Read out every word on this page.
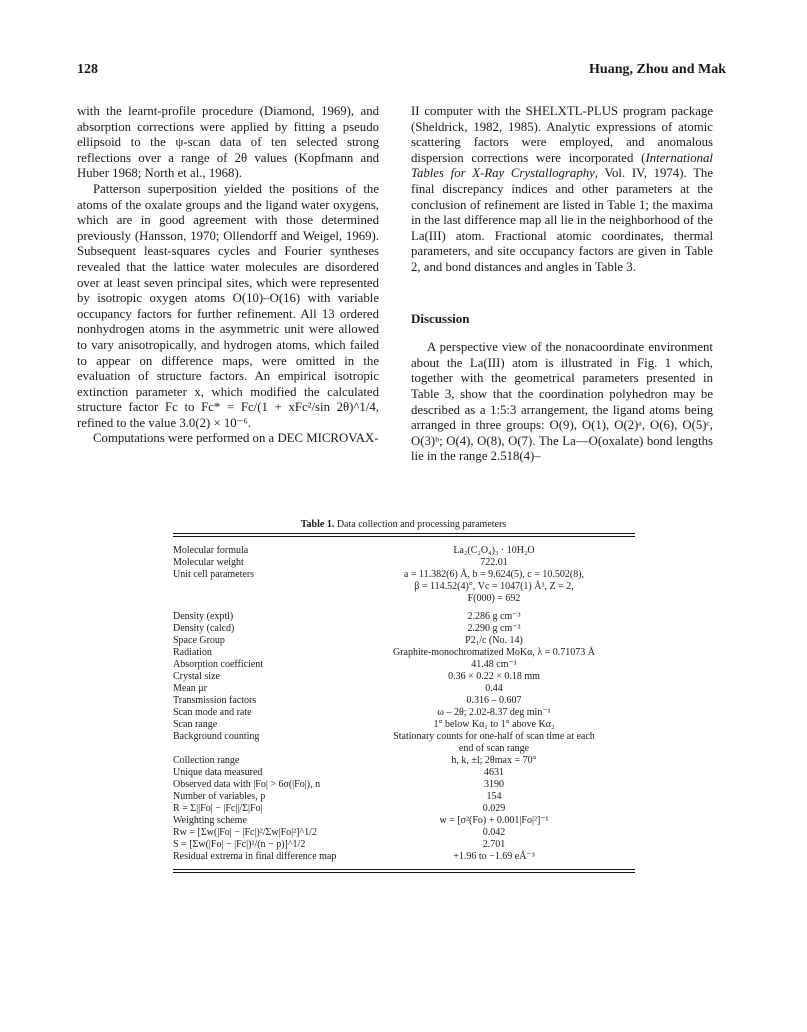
128	Huang, Zhou and Mak

with the learnt-profile procedure (Diamond, 1969), and absorption corrections were applied by fitting a pseudo ellipsoid to the ψ-scan data of ten selected strong reflections over a range of 2θ values (Kopfmann and Huber 1968; North et al., 1968).

Patterson superposition yielded the positions of the atoms of the oxalate groups and the ligand water oxygens, which are in good agreement with those determined previously (Hansson, 1970; Ollendorff and Weigel, 1969). Subsequent least-squares cycles and Fourier syntheses revealed that the lattice water molecules are disordered over at least seven principal sites, which were represented by isotropic oxygen atoms O(10)–O(16) with variable occupancy factors for further refinement. All 13 ordered nonhydrogen atoms in the asymmetric unit were allowed to vary anisotropically, and hydrogen atoms, which failed to appear on difference maps, were omitted in the evaluation of structure factors. An empirical isotropic extinction parameter x, which modified the calculated structure factor Fc to Fc* = Fc/(1 + xFc²/sin 2θ)^1/4, refined to the value 3.0(2) × 10⁻⁶.

Computations were performed on a DEC MICROVAX-

II computer with the SHELXTL-PLUS program package (Sheldrick, 1982, 1985). Analytic expressions of atomic scattering factors were employed, and anomalous dispersion corrections were incorporated (International Tables for X-Ray Crystallography, Vol. IV, 1974). The final discrepancy indices and other parameters at the conclusion of refinement are listed in Table 1; the maxima in the last difference map all lie in the neighborhood of the La(III) atom. Fractional atomic coordinates, thermal parameters, and site occupancy factors are given in Table 2, and bond distances and angles in Table 3.

Discussion

A perspective view of the nonacoordinate environment about the La(III) atom is illustrated in Fig. 1 which, together with the geometrical parameters presented in Table 3, show that the coordination polyhedron may be described as a 1:5:3 arrangement, the ligand atoms being arranged in three groups: O(9), O(1), O(2)ᵃ, O(6), O(5)ᶜ, O(3)ᵇ; O(4), O(8), O(7). The La—O(oxalate) bond lengths lie in the range 2.518(4)–

Table 1. Data collection and processing parameters
Molecular formula	La₂(C₂O₄)₃ · 10H₂O
Molecular weight	722.01
Unit cell parameters	a = 11.382(6) Å, b = 9.624(5), c = 10.502(8),
	β = 114.52(4)°, Vc = 1047(1) Å³, Z = 2,
	F(000) = 692
Density (exptl)	2.286 g cm⁻³
Density (calcd)	2.290 g cm⁻³
Space Group	P2₁/c (No. 14)
Radiation	Graphite-monochromatized MoKα, λ = 0.71073 Å
Absorption coefficient	41.48 cm⁻¹
Crystal size	0.36 × 0.22 × 0.18 mm
Mean μr	0.44
Transmission factors	0.316 – 0.607
Scan mode and rate	ω – 2θ; 2.02-8.37 deg min⁻¹
Scan range	1° below Kα₁ to 1° above Kα₂
Background counting	Stationary counts for one-half of scan time at each
	end of scan range
Collection range	h, k, ±l; 2θmax = 70°
Unique data measured	4631
Observed data with |Fo| > 6σ(|Fo|), n	3190
Number of variables, p	154
R = Σ||Fo| − |Fc||/Σ|Fo|	0.029
Weighting scheme	w = [σ²(Fo) + 0.001|Fo|²]⁻¹
Rw = [Σw(|Fo| − |Fc|)²/Σw|Fo|²]^1/2	0.042
S = [Σw(|Fo| − |Fc|)²/(n − p)]^1/2	2.701
Residual extrema in final difference map	+1.96 to −1.69 eÅ⁻³
